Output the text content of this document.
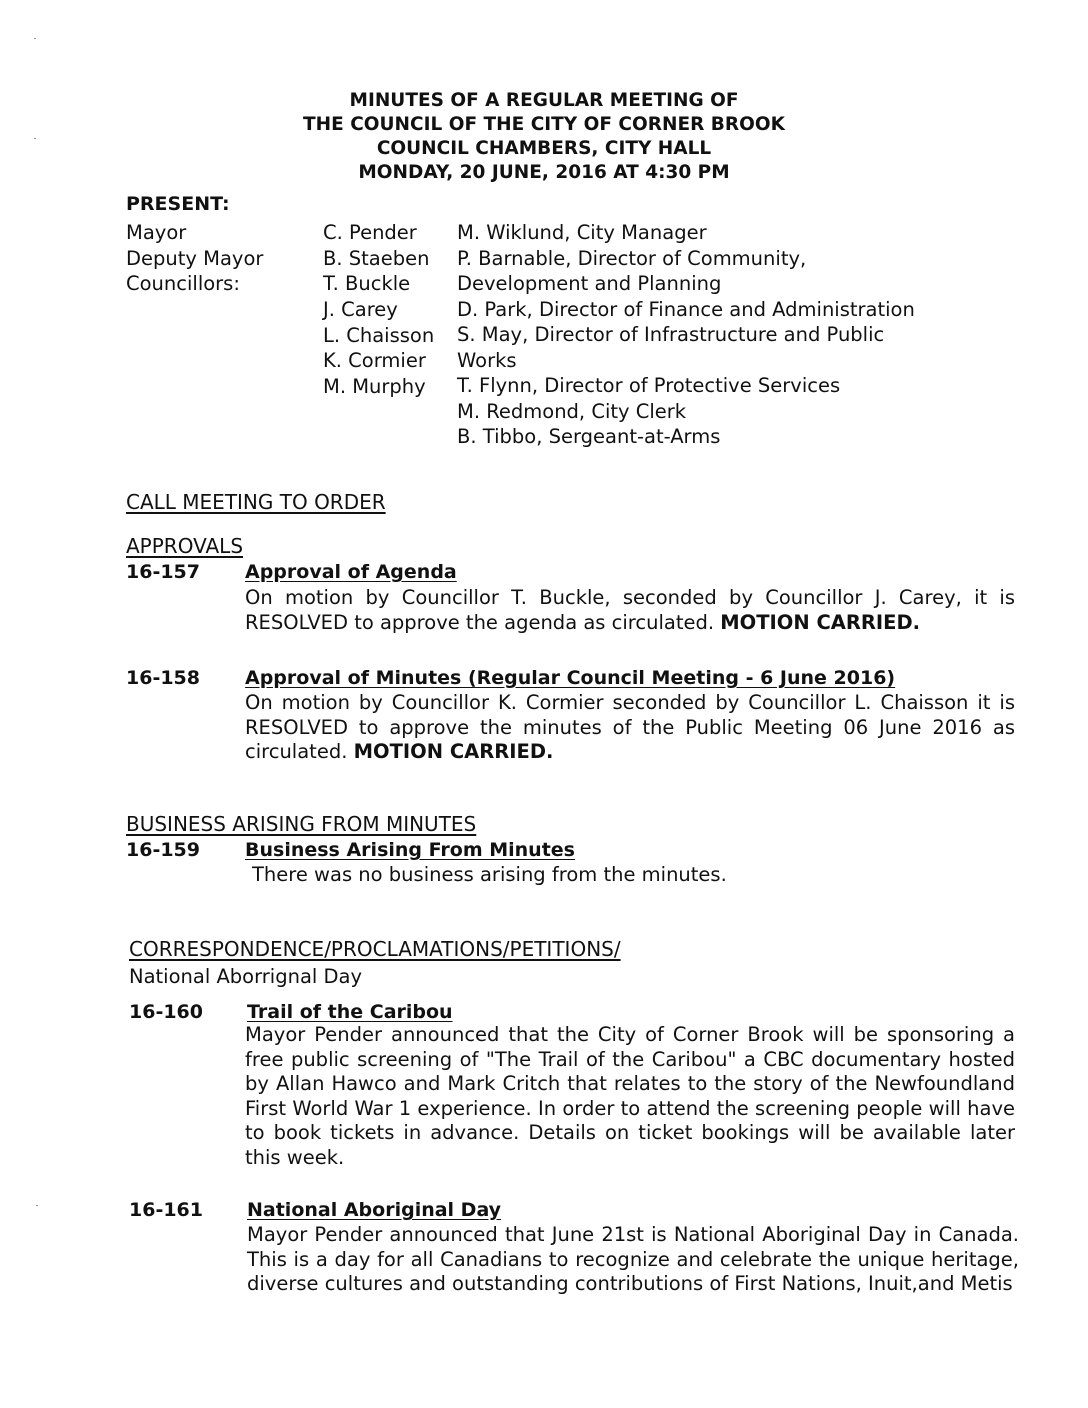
MINUTES OF A REGULAR MEETING OF
THE COUNCIL OF THE CITY OF CORNER BROOK
COUNCIL CHAMBERS, CITY HALL
MONDAY, 20 JUNE, 2016 AT 4:30 PM
PRESENT:
Mayor
Deputy Mayor
Councillors:
C. Pender
B. Staeben
T. Buckle
J. Carey
L. Chaisson
K. Cormier
M. Murphy
M. Wiklund, City Manager
P. Barnable, Director of Community,
Development and Planning
D. Park, Director of Finance and Administration
S. May, Director of Infrastructure and Public
Works
T. Flynn, Director of Protective Services
M. Redmond, City Clerk
B. Tibbo, Sergeant-at-Arms
CALL MEETING TO ORDER
APPROVALS
16-157 Approval of Agenda
On motion by Councillor T. Buckle, seconded by Councillor J. Carey, it is RESOLVED to approve the agenda as circulated. MOTION CARRIED.
16-158 Approval of Minutes (Regular Council Meeting - 6 June 2016)
On motion by Councillor K. Cormier seconded by Councillor L. Chaisson it is RESOLVED to approve the minutes of the Public Meeting 06 June 2016 as circulated. MOTION CARRIED.
BUSINESS ARISING FROM MINUTES
16-159 Business Arising From Minutes
There was no business arising from the minutes.
CORRESPONDENCE/PROCLAMATIONS/PETITIONS/
National Aborrignal Day
16-160 Trail of the Caribou
Mayor Pender announced that the City of Corner Brook will be sponsoring a free public screening of "The Trail of the Caribou" a CBC documentary hosted by Allan Hawco and Mark Critch that relates to the story of the Newfoundland First World War 1 experience. In order to attend the screening people will have to book tickets in advance. Details on ticket bookings will be available later this week.
16-161 National Aboriginal Day
Mayor Pender announced that June 21st is National Aboriginal Day in Canada. This is a day for all Canadians to recognize and celebrate the unique heritage, diverse cultures and outstanding contributions of First Nations, Inuit,and Metis
